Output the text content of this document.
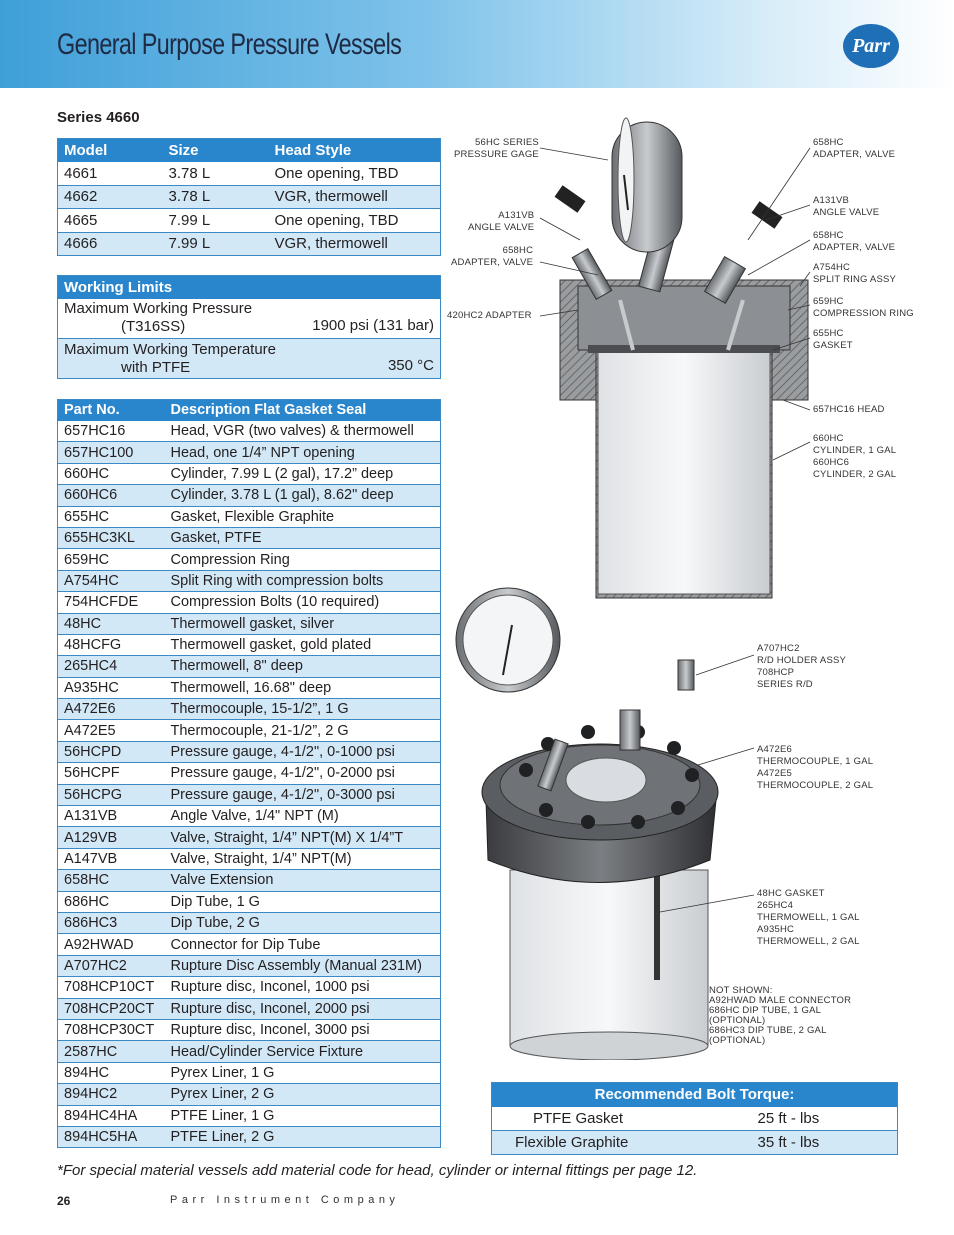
General Purpose Pressure Vessels	Parr
Series 4660
Model	Size	Head Style
4661	3.78 L	One opening, TBD
4662	3.78 L	VGR, thermowell
4665	7.99 L	One opening, TBD
4666	7.99 L	VGR, thermowell
Working Limits

Maximum Working Pressure
(T316SS)	1900 psi (131 bar)

Maximum Working Temperature
with PTFE	350 °C
Part No.	Description Flat Gasket Seal
657HC16	Head, VGR (two valves) & thermowell
657HC100	Head, one 1/4” NPT opening
660HC	Cylinder, 7.99 L (2 gal), 17.2” deep
660HC6	Cylinder, 3.78 L (1 gal), 8.62" deep
655HC	Gasket, Flexible Graphite
655HC3KL	Gasket, PTFE
659HC	Compression Ring
A754HC	Split Ring with compression bolts
754HCFDE	Compression Bolts (10 required)
48HC	Thermowell gasket, silver
48HCFG	Thermowell gasket, gold plated
265HC4	Thermowell, 8" deep
A935HC	Thermowell, 16.68" deep
A472E6	Thermocouple, 15-1/2”, 1 G
A472E5	Thermocouple, 21-1/2”, 2 G
56HCPD	Pressure gauge, 4-1/2", 0-1000 psi
56HCPF	Pressure gauge, 4-1/2", 0-2000 psi
56HCPG	Pressure gauge, 4-1/2", 0-3000 psi
A131VB	Angle Valve, 1/4" NPT (M)
A129VB	Valve, Straight, 1/4” NPT(M) X 1/4”T
A147VB	Valve, Straight, 1/4” NPT(M)
658HC	Valve Extension
686HC	Dip Tube, 1 G
686HC3	Dip Tube, 2 G
A92HWAD	Connector for Dip Tube
A707HC2	Rupture Disc Assembly (Manual 231M)
708HCP10CT	Rupture disc, Inconel, 1000 psi
708HCP20CT	Rupture disc, Inconel, 2000 psi
708HCP30CT	Rupture disc, Inconel, 3000 psi
2587HC	Head/Cylinder Service Fixture
894HC	Pyrex Liner, 1 G
894HC2	Pyrex Liner, 2 G
894HC4HA	PTFE Liner, 1 G
894HC5HA	PTFE Liner, 2 G
56HC SERIES
PRESSURE GAGE
A131VB
ANGLE VALVE
658HC
ADAPTER, VALVE
420HC2 ADAPTER
658HC
ADAPTER, VALVE
A131VB
ANGLE VALVE
658HC
ADAPTER, VALVE
A754HC
SPLIT RING ASSY
659HC
COMPRESSION RING
655HC
GASKET
657HC16 HEAD
660HC
CYLINDER, 1 GAL
660HC6
CYLINDER, 2 GAL
A707HC2
R/D HOLDER ASSY
708HCP
SERIES R/D
A472E6
THERMOCOUPLE, 1 GAL
A472E5
THERMOCOUPLE, 2 GAL
48HC GASKET
265HC4
THERMOWELL, 1 GAL
A935HC
THERMOWELL, 2 GAL
NOT SHOWN:
A92HWAD MALE CONNECTOR
686HC DIP TUBE, 1 GAL
(OPTIONAL)
686HC3 DIP TUBE, 2 GAL
(OPTIONAL)
Recommended Bolt Torque:	
PTFE Gasket	25 ft - lbs
Flexible Graphite	35 ft - lbs
*For special material vessels add material code for head, cylinder or internal fittings per page 12.
26	Parr Instrument Company
